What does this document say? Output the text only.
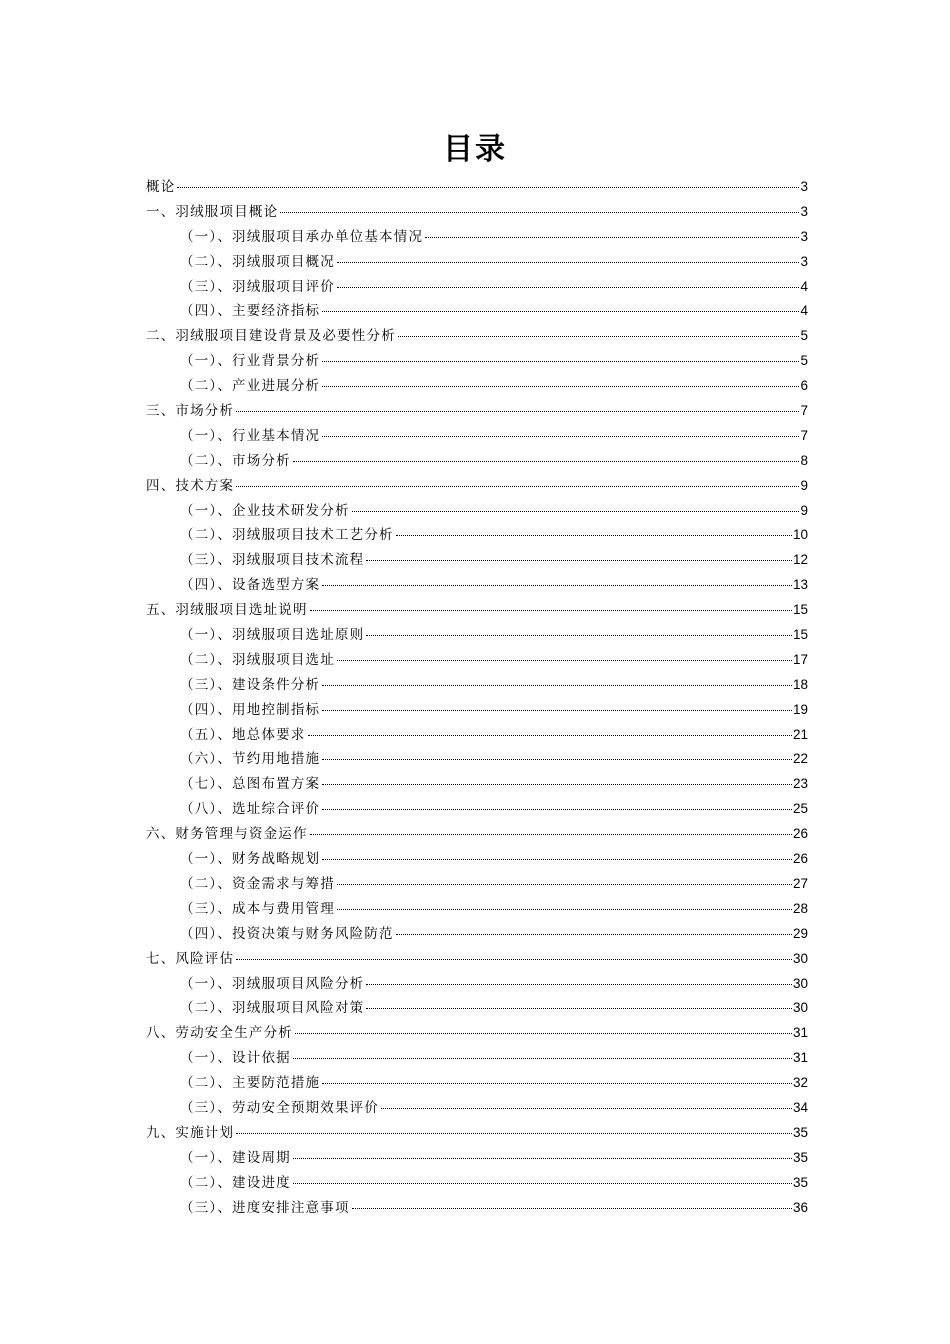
目录
概论	3
一、羽绒服项目概论	3
（一）、羽绒服项目承办单位基本情况	3
（二）、羽绒服项目概况	3
（三）、羽绒服项目评价	4
（四）、主要经济指标	4
二、羽绒服项目建设背景及必要性分析	5
（一）、行业背景分析	5
（二）、产业进展分析	6
三、市场分析	7
（一）、行业基本情况	7
（二）、市场分析	8
四、技术方案	9
（一）、企业技术研发分析	9
（二）、羽绒服项目技术工艺分析	10
（三）、羽绒服项目技术流程	12
（四）、设备选型方案	13
五、羽绒服项目选址说明	15
（一）、羽绒服项目选址原则	15
（二）、羽绒服项目选址	17
（三）、建设条件分析	18
（四）、用地控制指标	19
（五）、地总体要求	21
（六）、节约用地措施	22
（七）、总图布置方案	23
（八）、选址综合评价	25
六、财务管理与资金运作	26
（一）、财务战略规划	26
（二）、资金需求与筹措	27
（三）、成本与费用管理	28
（四）、投资决策与财务风险防范	29
七、风险评估	30
（一）、羽绒服项目风险分析	30
（二）、羽绒服项目风险对策	30
八、劳动安全生产分析	31
（一）、设计依据	31
（二）、主要防范措施	32
（三）、劳动安全预期效果评价	34
九、实施计划	35
（一）、建设周期	35
（二）、建设进度	35
（三）、进度安排注意事项	36
